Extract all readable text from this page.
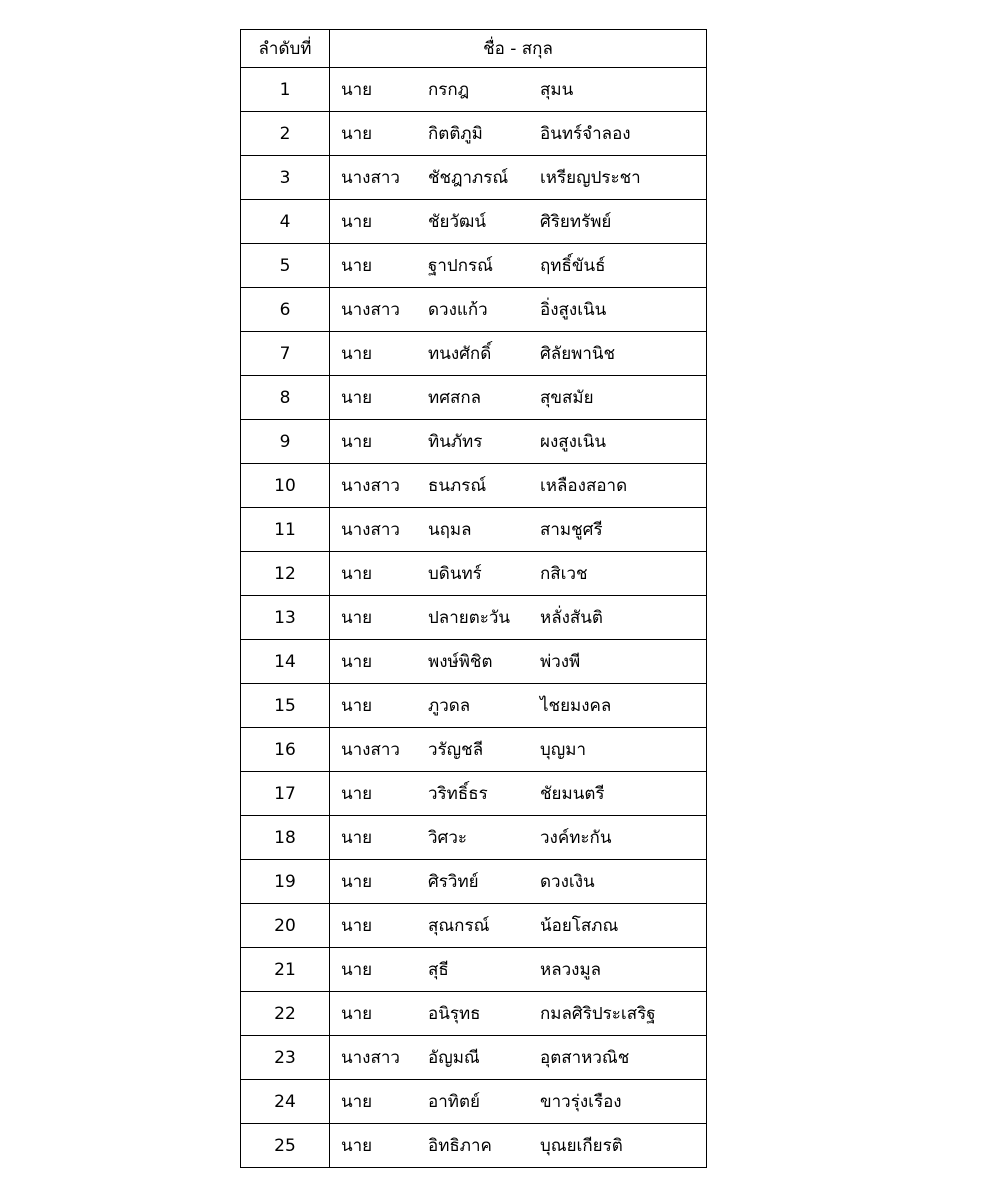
ลำดับที่	ชื่อ - สกุล
1	นาย กรกฎ สุมน

2	นาย กิตติภูมิ อินทร์จำลอง

3	นางสาว ชัชฎาภรณ์ เหรียญประชา

4	นาย ชัยวัฒน์ ศิริยทรัพย์

5	นาย ฐาปกรณ์ ฤทธิ์ขันธ์

6	นางสาว ดวงแก้ว อิ่งสูงเนิน

7	นาย ทนงศักดิ์ ศิลัยพานิช

8	นาย ทศสกล สุขสมัย

9	นาย ทินภัทร ผงสูงเนิน

10	นางสาว ธนภรณ์ เหลืองสอาด

11	นางสาว นฤมล สามชูศรี

12	นาย บดินทร์ กสิเวช

13	นาย ปลายตะวัน หลั่งสันติ

14	นาย พงษ์พิชิต พ่วงพี

15	นาย ภูวดล ไชยมงคล

16	นางสาว วรัญชลี บุญมา

17	นาย วริทธิ์ธร ชัยมนตรี

18	นาย วิศวะ วงค์ทะกัน

19	นาย ศิรวิทย์ ดวงเงิน

20	นาย สุณกรณ์ น้อยโสภณ

21	นาย สุธี หลวงมูล

22	นาย อนิรุทธ กมลศิริประเสริฐ

23	นางสาว อัญมณี อุตสาหวณิช

24	นาย อาทิตย์ ขาวรุ่งเรือง

25	นาย อิทธิภาค บุณยเกียรติ
